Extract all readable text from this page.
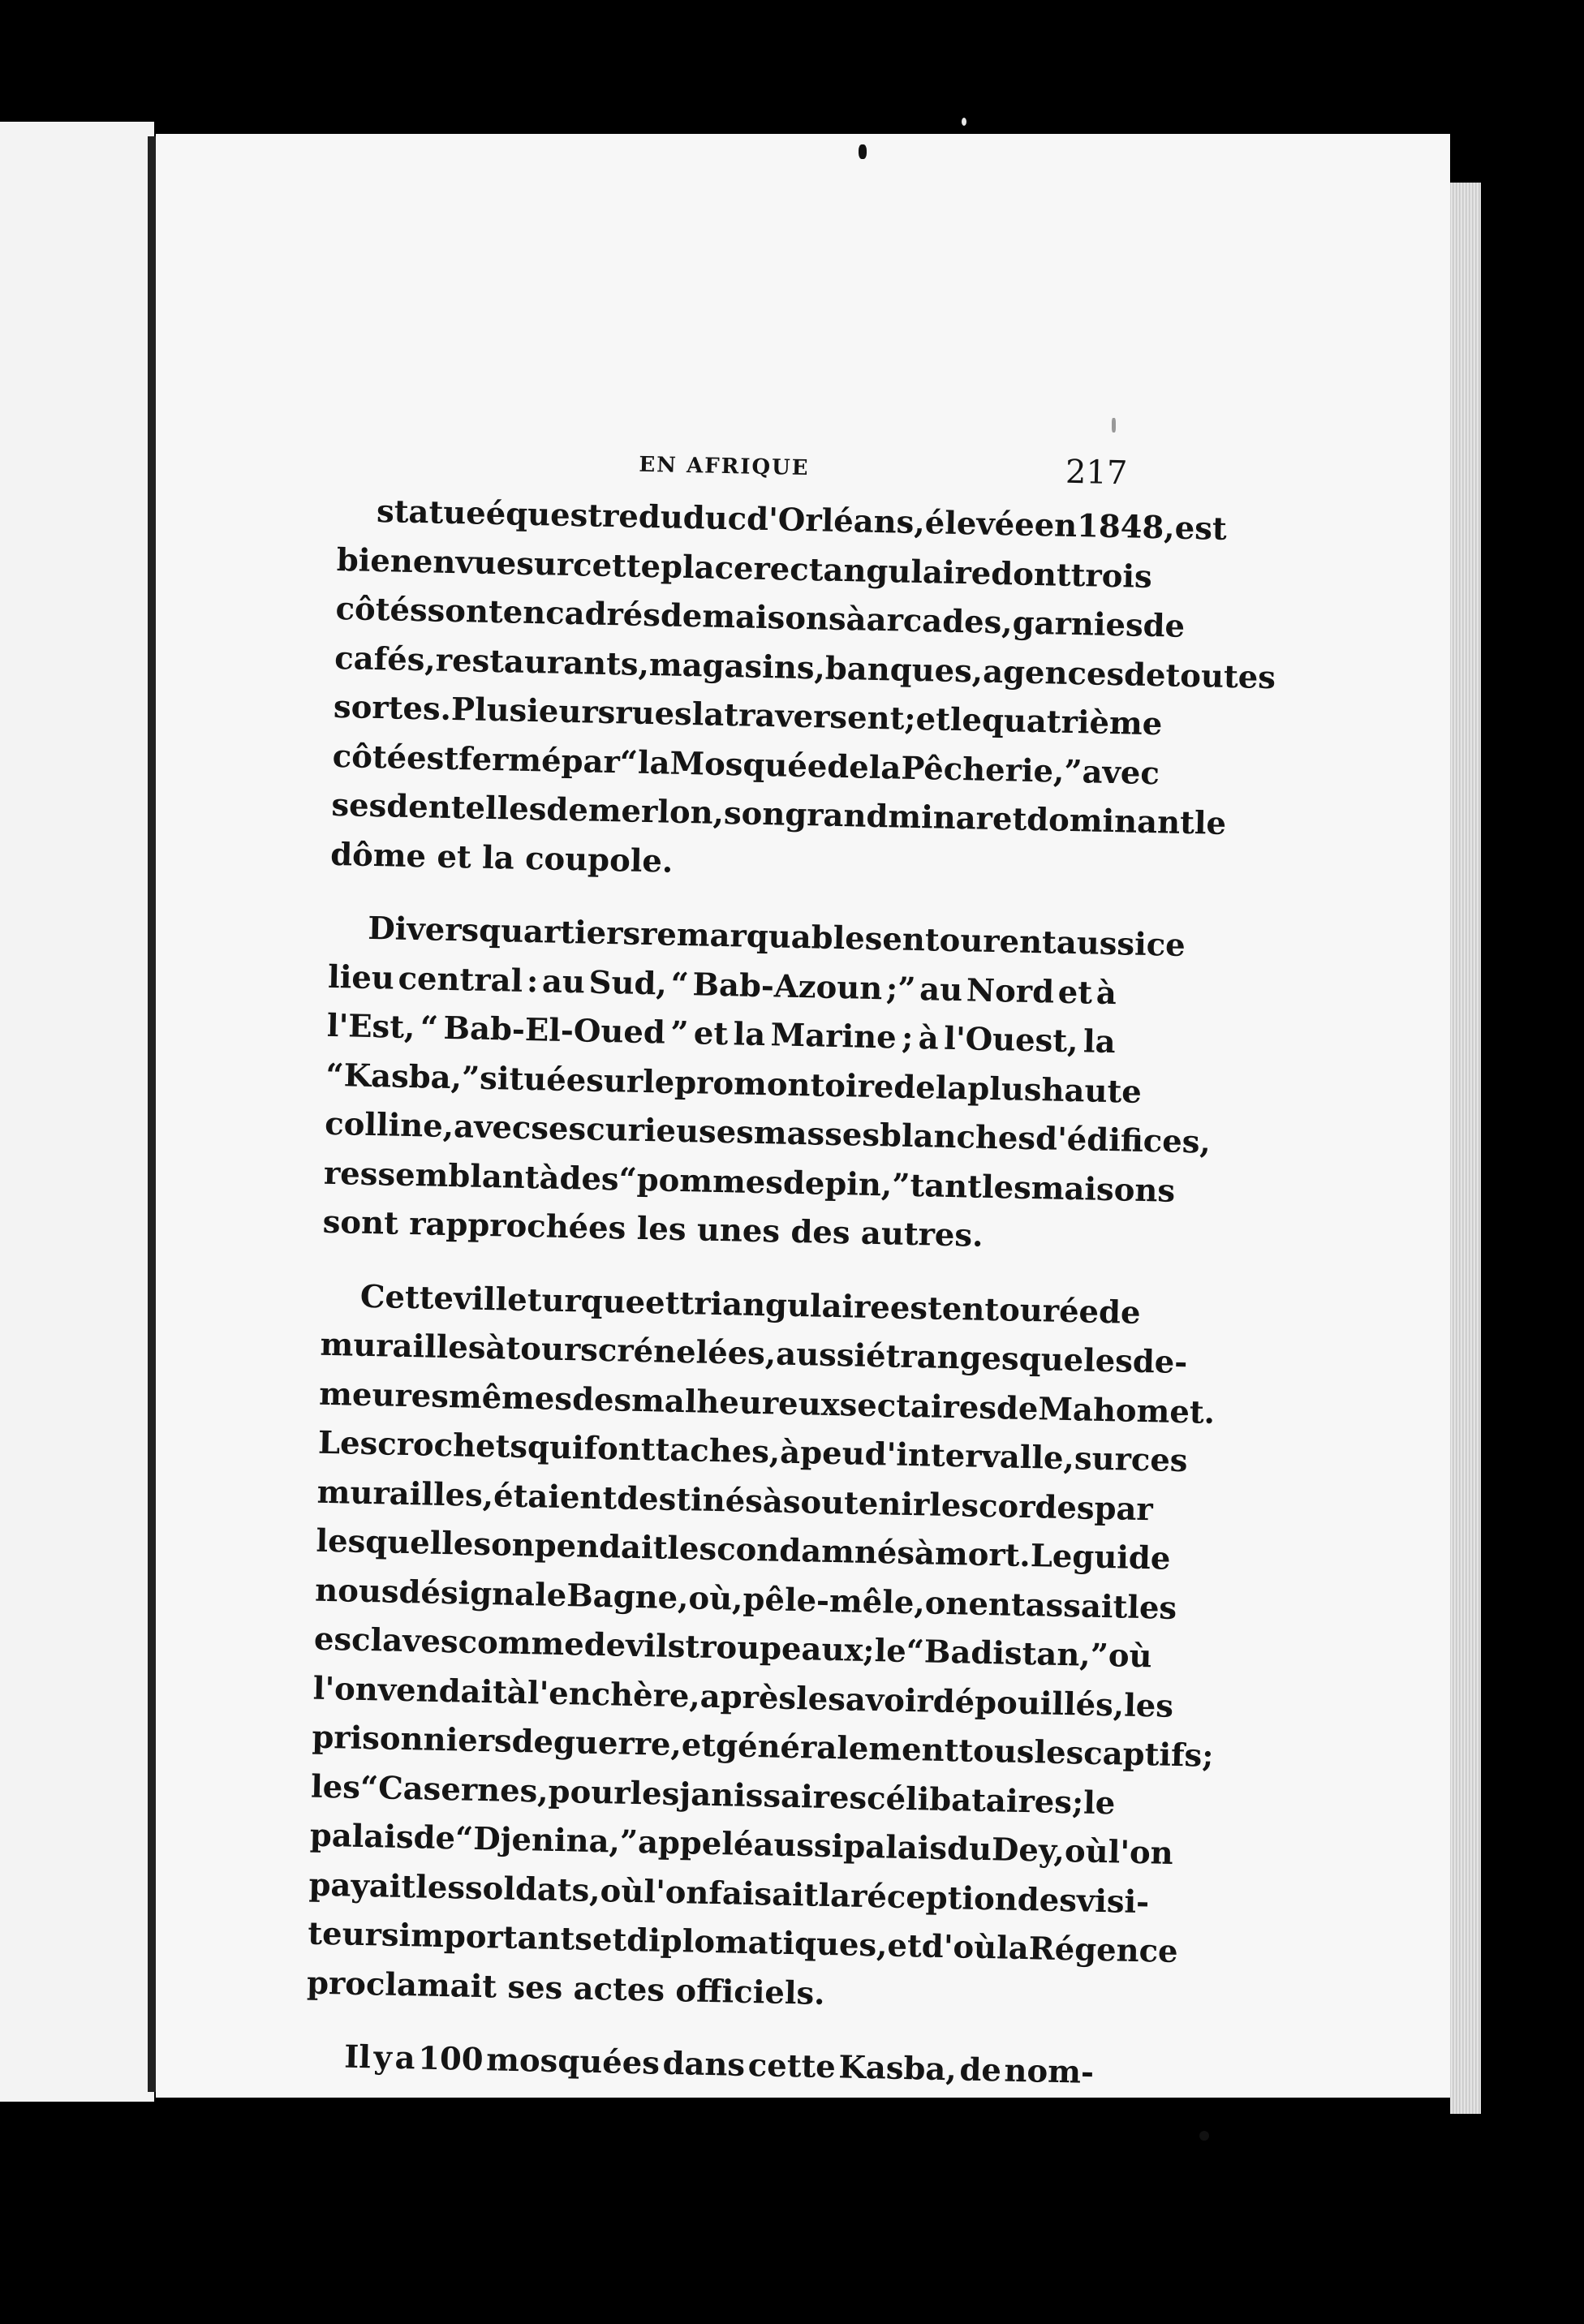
EN AFRIQUE	217
statue équestre du duc d'Orléans, élevée en 1848, est
bien en vue sur cette place rectangulaire dont trois
côtés sont encadrés de maisons à arcades, garnies de
cafés, restaurants, magasins, banques, agences de toutes
sortes. Plusieurs rues la traversent ; et le quatrième
côté est fermé par “ la Mosquée de la Pêcherie,” avec
ses dentelles de merlon, son grand minaret dominant le
dôme et la coupole.
Divers quartiers remarquables entourent aussi ce
lieu central : au Sud, “ Bab-Azoun ;” au Nord et à
l'Est, “ Bab-El-Oued ” et la Marine ; à l'Ouest, la
“ Kasba,” située sur le promontoire de la plus haute
colline, avec ses curieuses masses blanches d'édifices,
ressemblant à des “ pommes de pin,” tant les maisons
sont rapprochées les unes des autres.
Cette ville turque et triangulaire est entourée de
murailles à tours crénelées, aussi étranges que les de-
meures mêmes des malheureux sectaires de Mahomet.
Les crochets qui font taches, à peu d'intervalle, sur ces
murailles, étaient destinés à soutenir les cordes par
lesquelles on pendait les condamnés à mort. Le guide
nous désigna le Bagne, où, pêle-mêle, on entassait les
esclaves comme de vils troupeaux ; le “ Badistan,” où
l'on vendait à l'enchère, après les avoir dépouillés, les
prisonniers de guerre, et généralement tous les captifs ;
les “ Casernes, pour les janissaires célibataires ; le
palais de “ Djenina,” appelé aussi palais du Dey, où l'on
payait les soldats, où l'on faisait la réception des visi-
teurs importants et diplomatiques, et d'où la Régence
proclamait ses actes officiels.
Il y a 100 mosquées dans cette Kasba, de nom-
